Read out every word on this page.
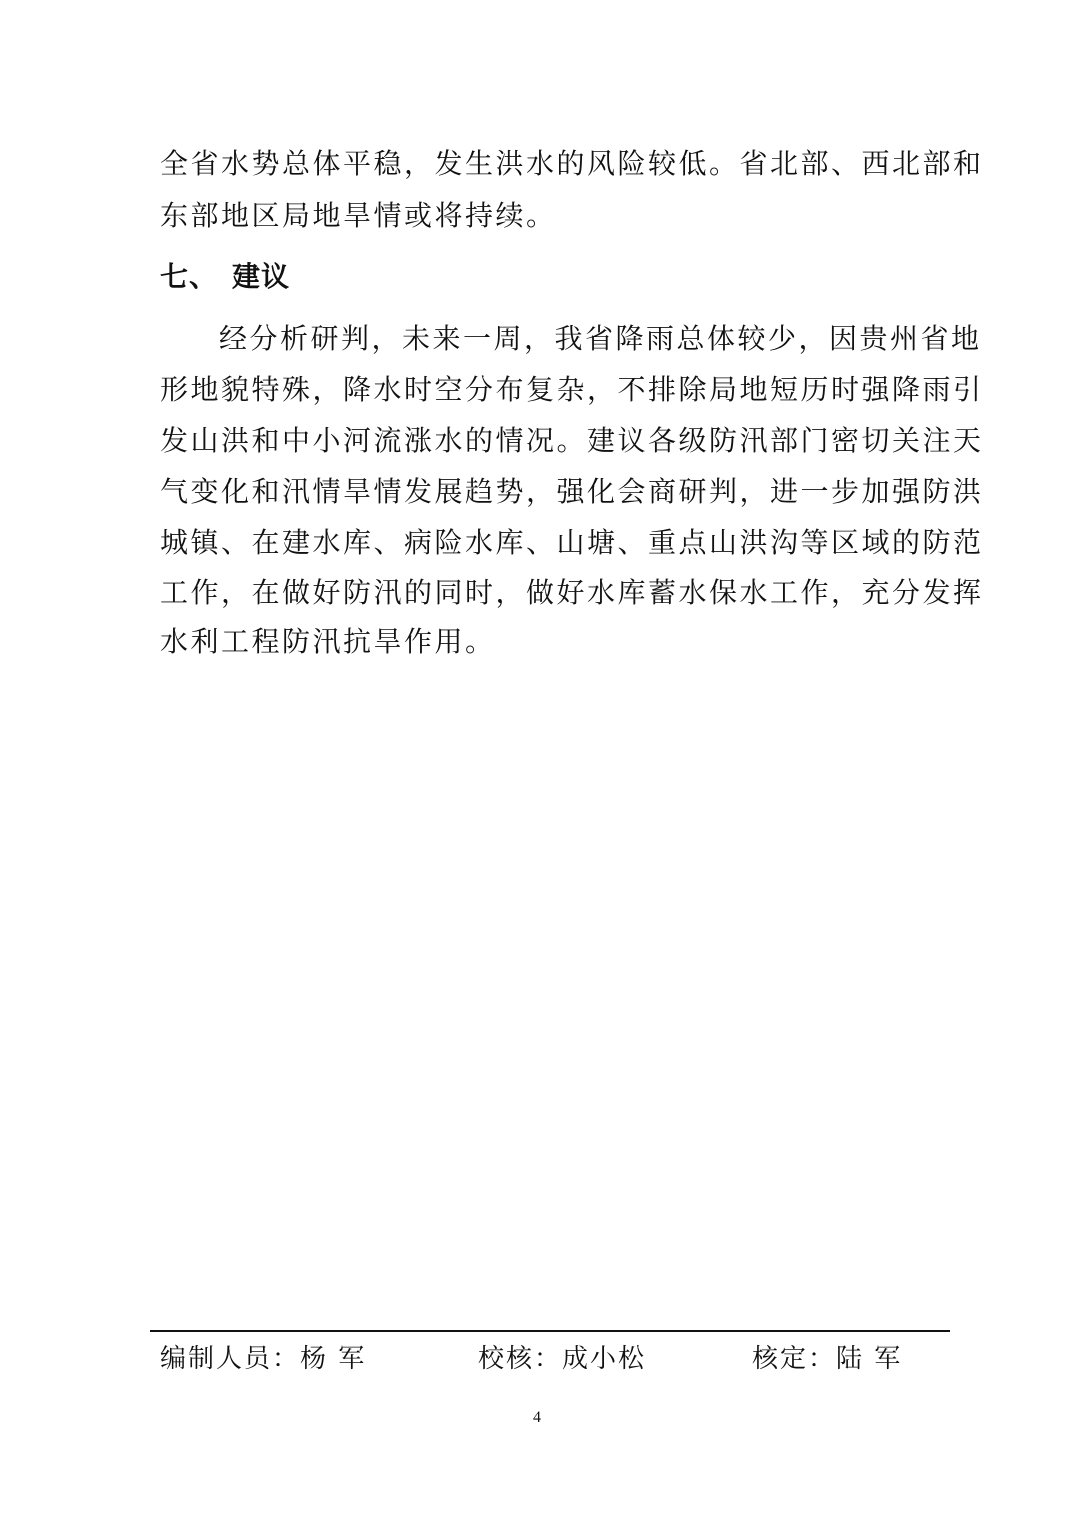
全省水势总体平稳，发生洪水的风险较低。省北部、西北部和
东部地区局地旱情或将持续。
七、 建议
经分析研判，未来一周，我省降雨总体较少，因贵州省地
形地貌特殊，降水时空分布复杂，不排除局地短历时强降雨引
发山洪和中小河流涨水的情况。建议各级防汛部门密切关注天
气变化和汛情旱情发展趋势，强化会商研判，进一步加强防洪
城镇、在建水库、病险水库、山塘、重点山洪沟等区域的防范
工作，在做好防汛的同时，做好水库蓄水保水工作，充分发挥
水利工程防汛抗旱作用。
编制人员：杨 军	校核：成小松	核定：陆 军
4
